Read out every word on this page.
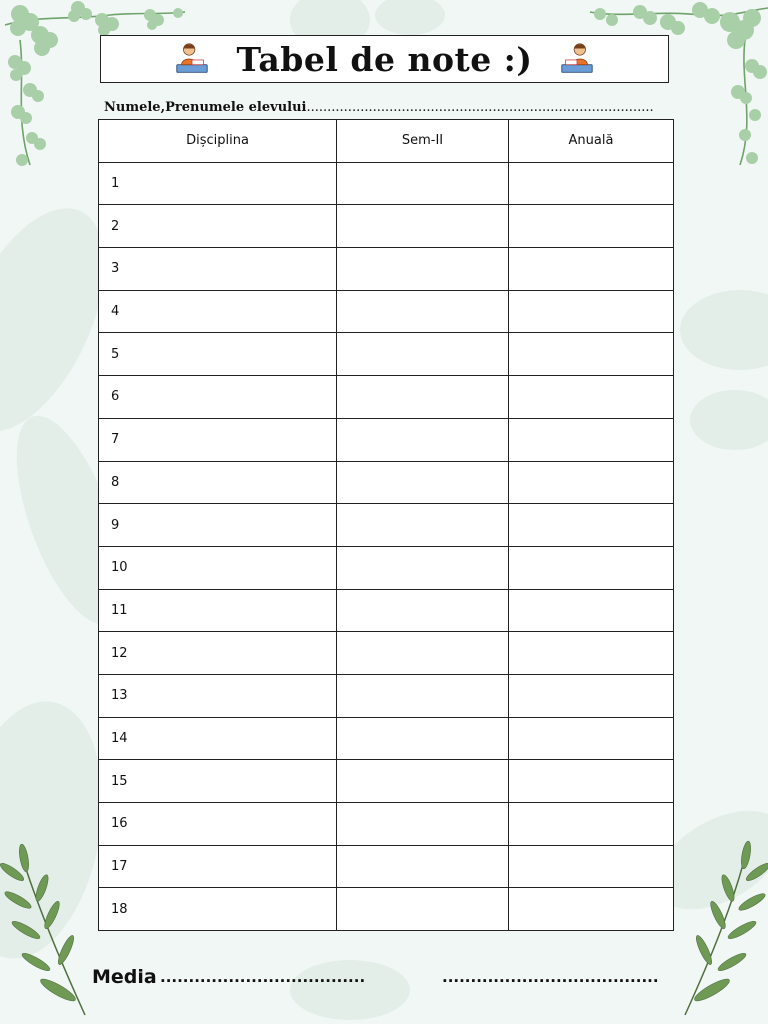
Tabel de note :)
Numele,Prenumele elevului....................................................................................
Dișciplina	Sem-II	Anuală
1		
2		
3		
4		
5		
6		
7		
8		
9		
10		
11		
12		
13		
14		
15		
16		
17		
18		
Media ....................................	......................................
